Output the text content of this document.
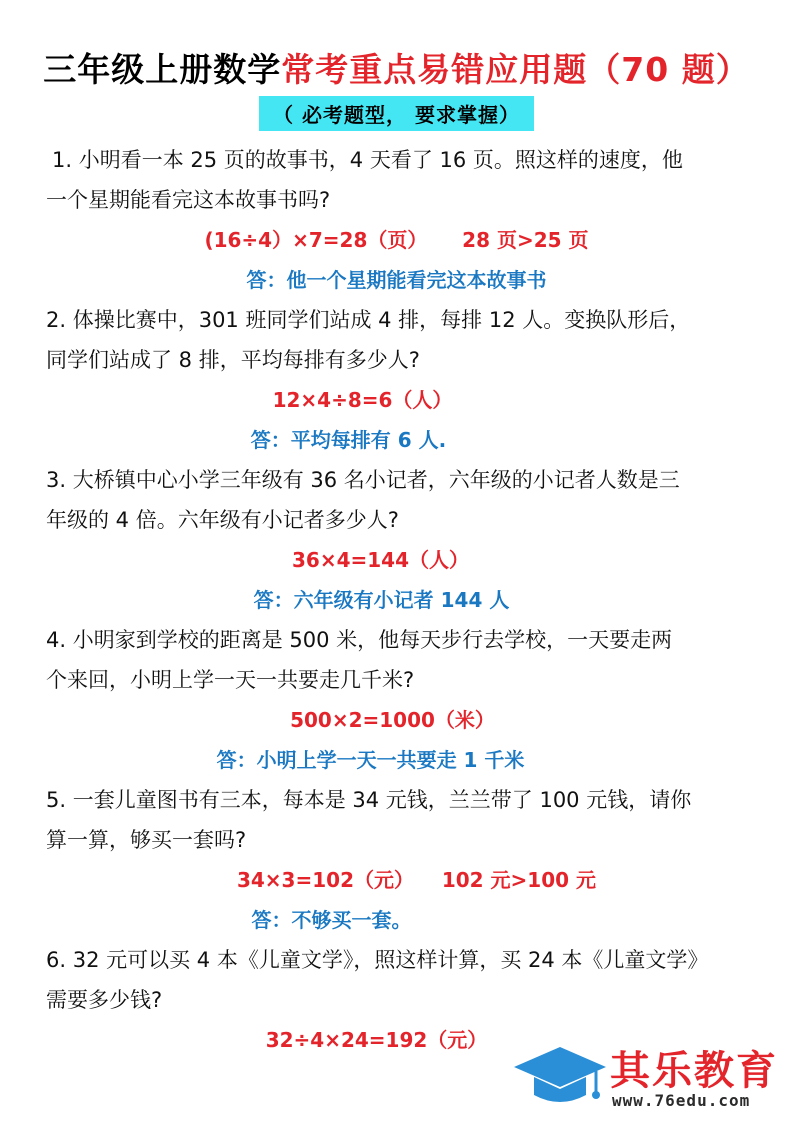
三年级上册数学常考重点易错应用题（70 题）
（ 必考题型， 要求掌握）
1. 小明看一本 25 页的故事书，4 天看了 16 页。照这样的速度，他
一个星期能看完这本故事书吗?
(16÷4）×7=28（页）     28 页>25 页
答：他一个星期能看完这本故事书
2. 体操比赛中，301 班同学们站成 4 排，每排 12 人。变换队形后，
同学们站成了 8 排，平均每排有多少人?
12×4÷8=6（人）
答：平均每排有 6 人.
3. 大桥镇中心小学三年级有 36 名小记者，六年级的小记者人数是三
年级的 4 倍。六年级有小记者多少人?
36×4=144（人）
答：六年级有小记者 144 人
4. 小明家到学校的距离是 500 米，他每天步行去学校，一天要走两
个来回，小明上学一天一共要走几千米?
500×2=1000（米）
答：小明上学一天一共要走 1 千米
5. 一套儿童图书有三本，每本是 34 元钱，兰兰带了 100 元钱，请你
算一算，够买一套吗?
34×3=102（元）    102 元>100 元
答：不够买一套。
6. 32 元可以买 4 本《儿童文学》，照这样计算，买 24 本《儿童文学》
需要多少钱?
32÷4×24=192（元）
其乐教育
www.76edu.com
